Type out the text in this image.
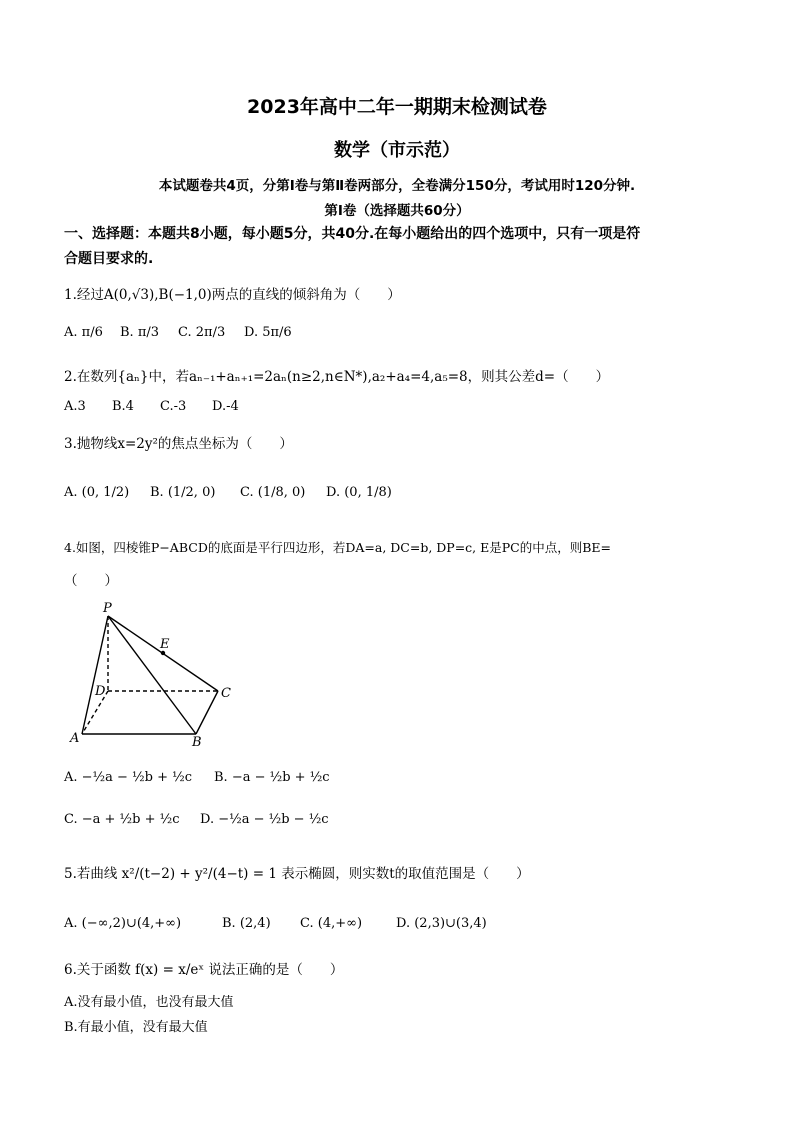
2023年高中二年一期期末检测试卷
数学（市示范）
本试题卷共4页，分第Ⅰ卷与第Ⅱ卷两部分，全卷满分150分，考试用时120分钟.
第Ⅰ卷（选择题共60分）
一、选择题：本题共8小题，每小题5分，共40分.在每小题给出的四个选项中，只有一项是符
合题目要求的.
1.经过A(0,√3),B(−1,0)两点的直线的倾斜角为（　　）
A. π/6 B. π/3 C. 2π/3 D. 5π/6
2.在数列{aₙ}中，若aₙ₋₁+aₙ₊₁=2aₙ(n≥2,n∈N*),a₂+a₄=4,a₅=8，则其公差d=（　　）
A.3 B.4 C.-3 D.-4
3.抛物线x=2y²的焦点坐标为（　　）
A. (0, 1/2) B. (1/2, 0) C. (1/8, 0) D. (0, 1/8)
4.如图，四棱锥P−ABCD的底面是平行四边形，若DA=a, DC=b, DP=c, E是PC的中点，则BE=
（　　）
P
E
D	C
A	B
A. −½a − ½b + ½c B. −a − ½b + ½c
C. −a + ½b + ½c D. −½a − ½b − ½c
5.若曲线 x²/(t−2) + y²/(4−t) = 1 表示椭圆，则实数t的取值范围是（　　）
A. (−∞,2)∪(4,+∞)	B. (2,4) C. (4,+∞)	D. (2,3)∪(3,4)
6.关于函数 f(x) = x/eˣ 说法正确的是（　　）
A.没有最小值，也没有最大值
B.有最小值，没有最大值
